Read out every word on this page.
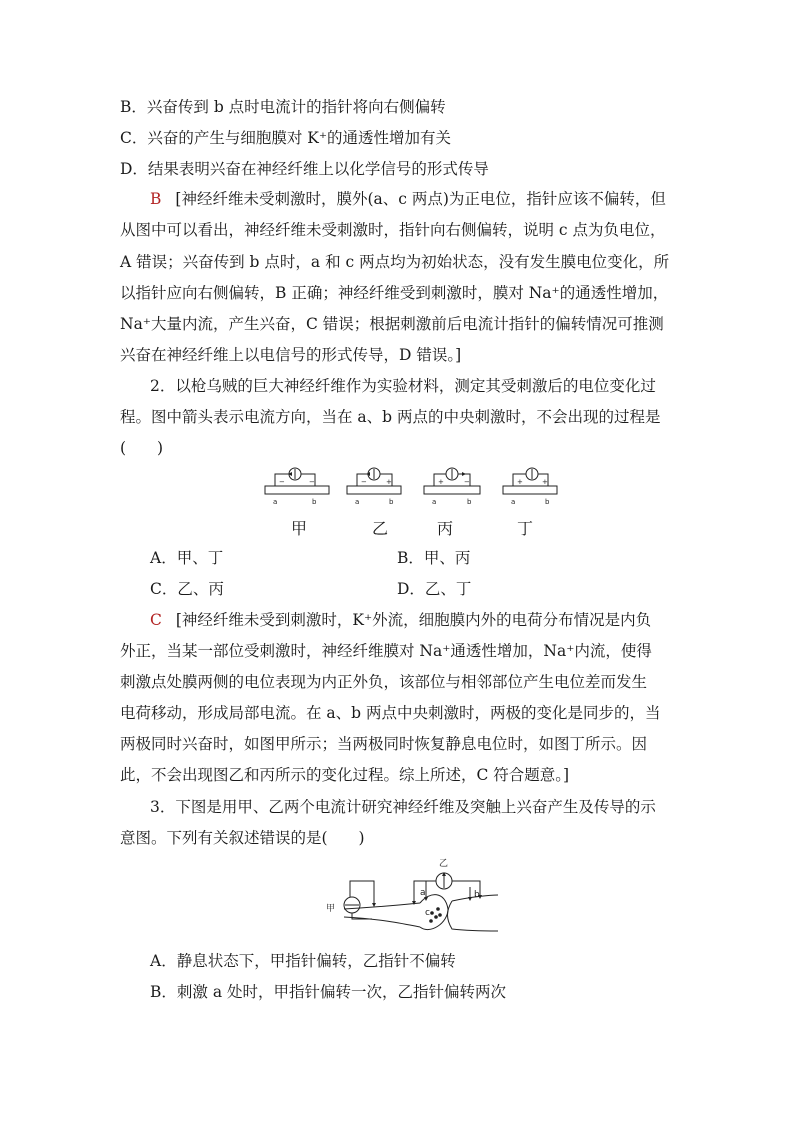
B．兴奋传到 b 点时电流计的指针将向右侧偏转
C．兴奋的产生与细胞膜对 K⁺的通透性增加有关
D．结果表明兴奋在神经纤维上以化学信号的形式传导
B [神经纤维未受刺激时，膜外(a、c 两点)为正电位，指针应该不偏转，但
从图中可以看出，神经纤维未受刺激时，指针向右侧偏转，说明 c 点为负电位，
A 错误；兴奋传到 b 点时，a 和 c 两点均为初始状态，没有发生膜电位变化，所
以指针应向右侧偏转，B 正确；神经纤维受到刺激时，膜对 Na⁺的通透性增加，
Na⁺大量内流，产生兴奋，C 错误；根据刺激前后电流计指针的偏转情况可推测
兴奋在神经纤维上以电信号的形式传导，D 错误。]
2．以枪乌贼的巨大神经纤维作为实验材料，测定其受刺激后的电位变化过
程。图中箭头表示电流方向，当在 a、b 两点的中央刺激时，不会出现的过程是
(　　)
−	−	−	+	+	−	+	+
a	b	a	b	a	b	a	b
甲	乙	丙	丁
A．甲、丁	B．甲、丙
C．乙、丙	D．乙、丁
C [神经纤维未受到刺激时，K⁺外流，细胞膜内外的电荷分布情况是内负
外正，当某一部位受刺激时，神经纤维膜对 Na⁺通透性增加，Na⁺内流，使得
刺激点处膜两侧的电位表现为内正外负，该部位与相邻部位产生电位差而发生
电荷移动，形成局部电流。在 a、b 两点中央刺激时，两极的变化是同步的，当
两极同时兴奋时，如图甲所示；当两极同时恢复静息电位时，如图丁所示。因
此，不会出现图乙和丙所示的变化过程。综上所述，C 符合题意。]
3．下图是用甲、乙两个电流计研究神经纤维及突触上兴奋产生及传导的示
意图。下列有关叙述错误的是(　　)
甲
乙
a	b
c
A．静息状态下，甲指针偏转，乙指针不偏转
B．刺激 a 处时，甲指针偏转一次，乙指针偏转两次
